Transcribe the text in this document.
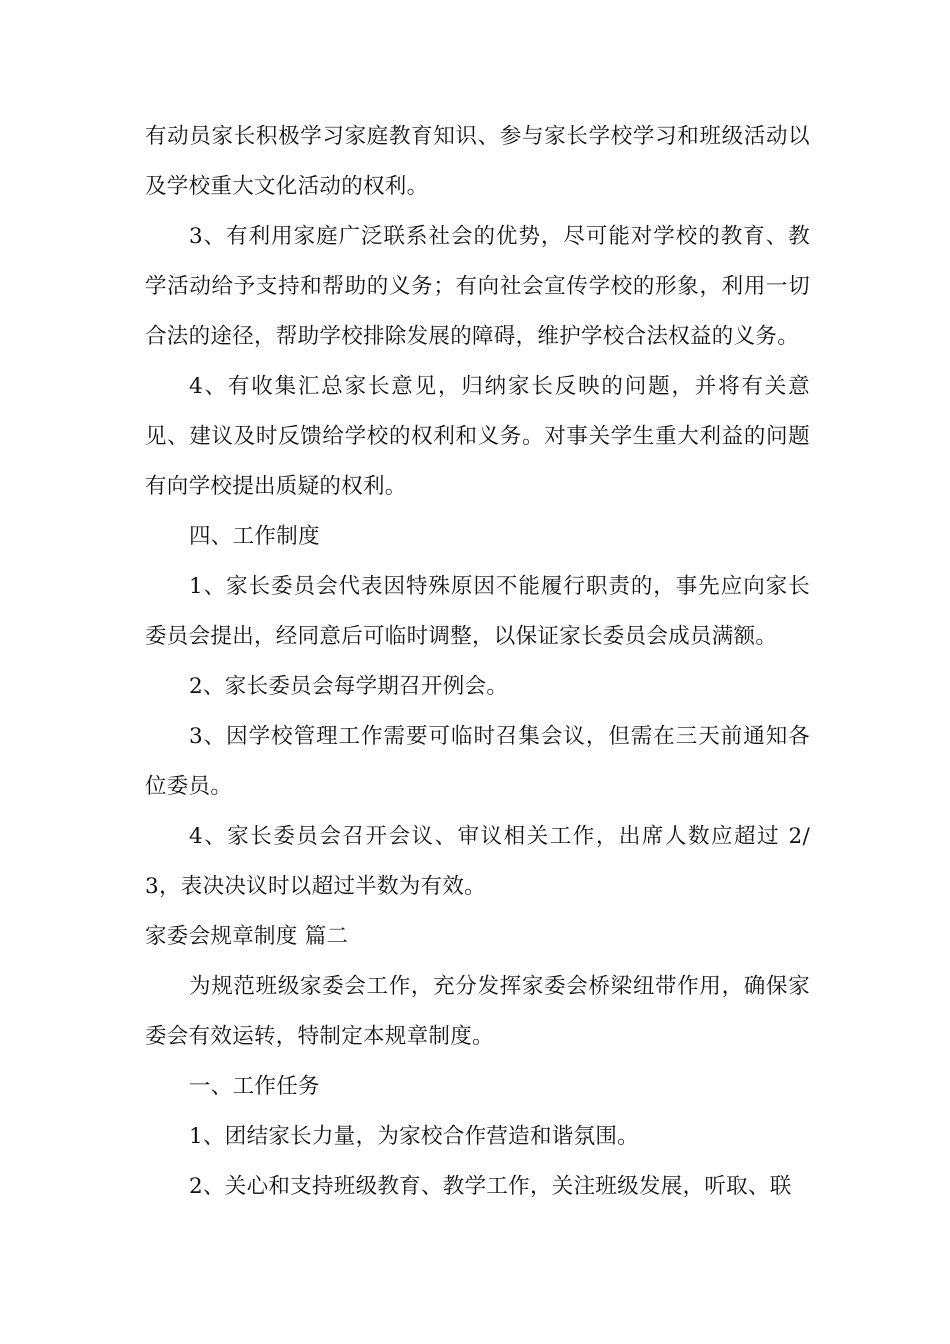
有动员家长积极学习家庭教育知识、参与家长学校学习和班级活动以及学校重大文化活动的权利。

3、有利用家庭广泛联系社会的优势，尽可能对学校的教育、教学活动给予支持和帮助的义务；有向社会宣传学校的形象，利用一切合法的途径，帮助学校排除发展的障碍，维护学校合法权益的义务。

4、有收集汇总家长意见，归纳家长反映的问题，并将有关意见、建议及时反馈给学校的权利和义务。对事关学生重大利益的问题有向学校提出质疑的权利。

四、工作制度

1、家长委员会代表因特殊原因不能履行职责的，事先应向家长委员会提出，经同意后可临时调整，以保证家长委员会成员满额。

2、家长委员会每学期召开例会。

3、因学校管理工作需要可临时召集会议，但需在三天前通知各位委员。

4、家长委员会召开会议、审议相关工作，出席人数应超过 2/3，表决决议时以超过半数为有效。

家委会规章制度 篇二

为规范班级家委会工作，充分发挥家委会桥梁纽带作用，确保家委会有效运转，特制定本规章制度。

一、工作任务

1、团结家长力量，为家校合作营造和谐氛围。

2、关心和支持班级教育、教学工作，关注班级发展，听取、联
